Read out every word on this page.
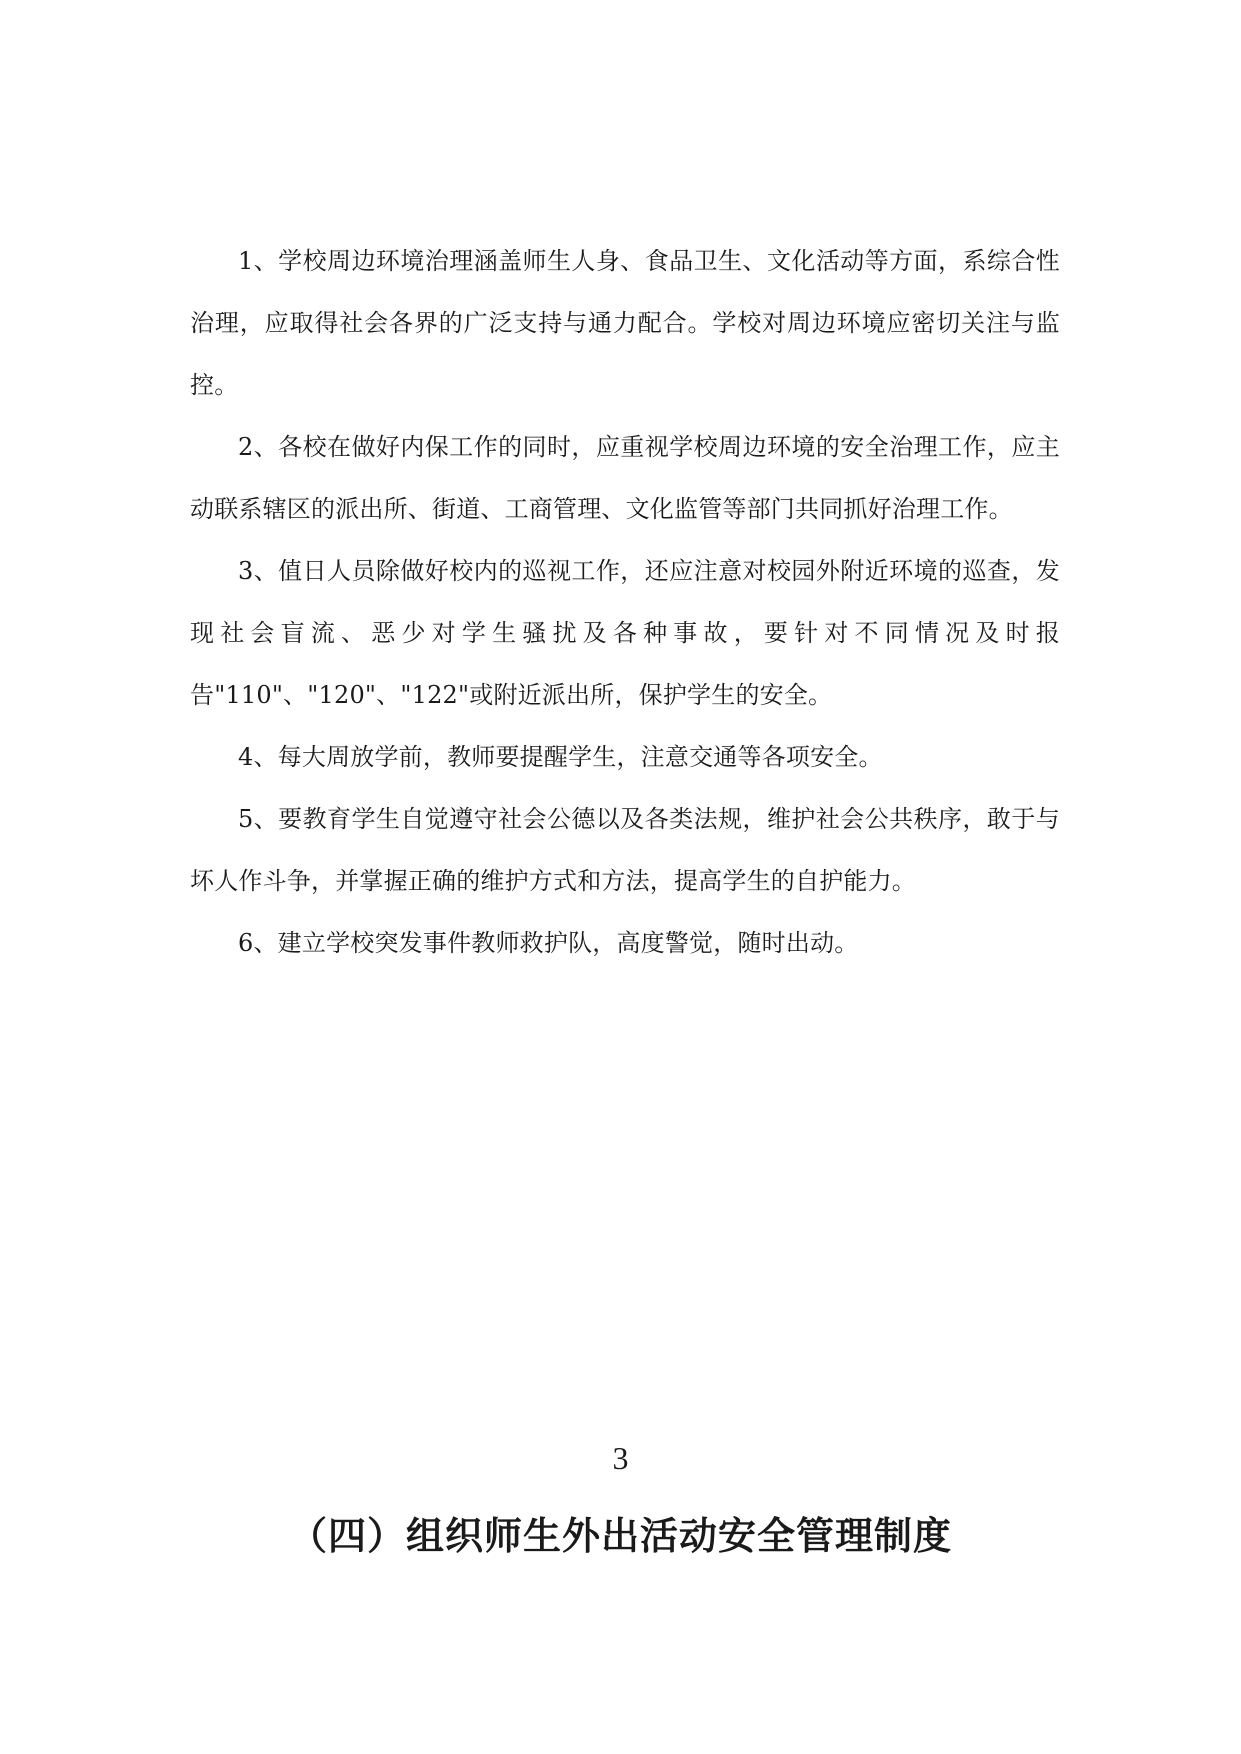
1、学校周边环境治理涵盖师生人身、食品卫生、文化活动等方面，系综合性治理，应取得社会各界的广泛支持与通力配合。学校对周边环境应密切关注与监控。

2、各校在做好内保工作的同时，应重视学校周边环境的安全治理工作，应主动联系辖区的派出所、街道、工商管理、文化监管等部门共同抓好治理工作。

3、值日人员除做好校内的巡视工作，还应注意对校园外附近环境的巡查，发现社会盲流、恶少对学生骚扰及各种事故，要针对不同情况及时报告"110"、"120"、"122"或附近派出所，保护学生的安全。

4、每大周放学前，教师要提醒学生，注意交通等各项安全。

5、要教育学生自觉遵守社会公德以及各类法规，维护社会公共秩序，敢于与坏人作斗争，并掌握正确的维护方式和方法，提高学生的自护能力。

6、建立学校突发事件教师救护队，高度警觉，随时出动。

3
（四）组织师生外出活动安全管理制度
